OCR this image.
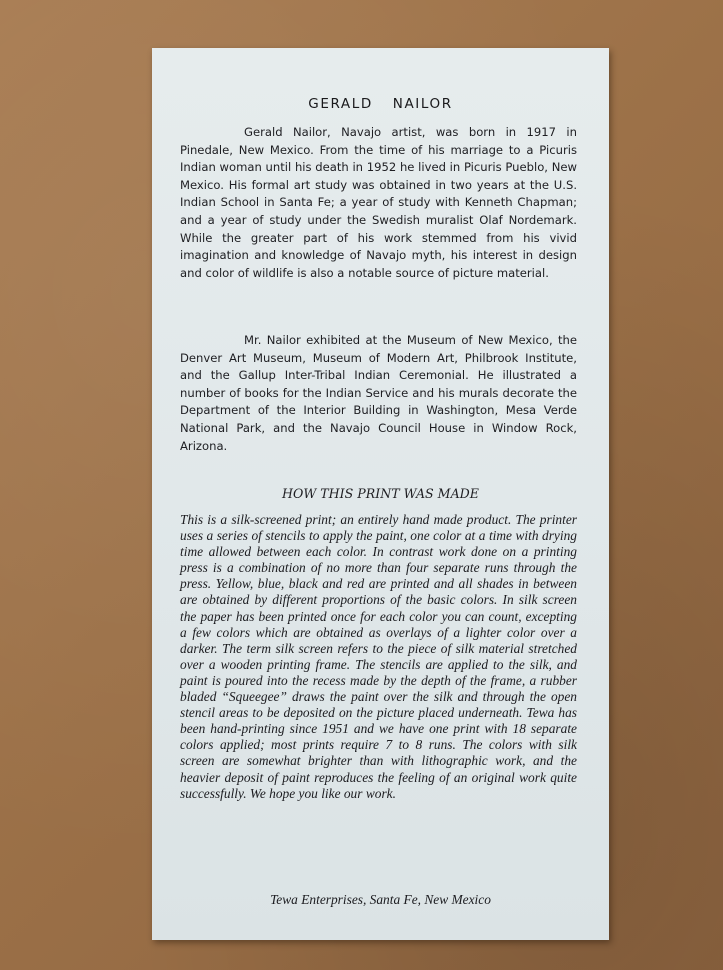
GERALD NAILOR

Gerald Nailor, Navajo artist, was born in 1917 in Pinedale, New Mexico. From the time of his marriage to a Picuris Indian woman until his death in 1952 he lived in Picuris Pueblo, New Mexico. His formal art study was obtained in two years at the U.S. Indian School in Santa Fe; a year of study with Kenneth Chapman; and a year of study under the Swedish muralist Olaf Nordemark. While the greater part of his work stemmed from his vivid imagination and knowledge of Navajo myth, his interest in design and color of wildlife is also a notable source of picture material.

Mr. Nailor exhibited at the Museum of New Mexico, the Denver Art Museum, Museum of Modern Art, Philbrook Institute, and the Gallup Inter-Tribal Indian Ceremonial. He illustrated a number of books for the Indian Service and his murals decorate the Department of the Interior Building in Washington, Mesa Verde National Park, and the Navajo Council House in Window Rock, Arizona.

HOW THIS PRINT WAS MADE

This is a silk-screened print; an entirely hand made product. The printer uses a series of stencils to apply the paint, one color at a time with drying time allowed between each color. In contrast work done on a printing press is a combination of no more than four separate runs through the press. Yellow, blue, black and red are printed and all shades in between are obtained by different proportions of the basic colors. In silk screen the paper has been printed once for each color you can count, excepting a few colors which are obtained as overlays of a lighter color over a darker. The term silk screen refers to the piece of silk material stretched over a wooden printing frame. The stencils are applied to the silk, and paint is poured into the recess made by the depth of the frame, a rubber bladed “Squeegee” draws the paint over the silk and through the open stencil areas to be deposited on the picture placed underneath. Tewa has been hand-printing since 1951 and we have one print with 18 separate colors applied; most prints require 7 to 8 runs. The colors with silk screen are somewhat brighter than with lithographic work, and the heavier deposit of paint reproduces the feeling of an original work quite successfully. We hope you like our work.

Tewa Enterprises, Santa Fe, New Mexico
